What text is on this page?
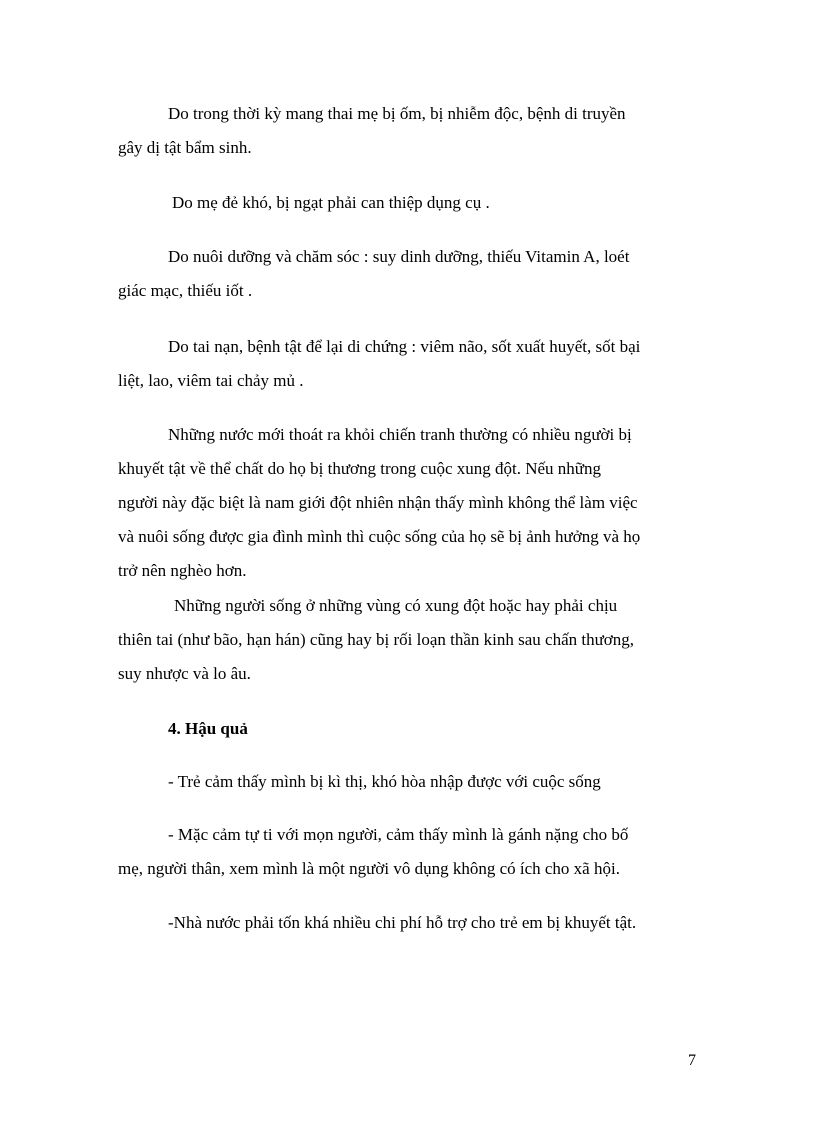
Do trong thời kỳ mang thai mẹ bị ốm, bị nhiễm độc, bệnh di truyền
gây dị tật bẩm sinh.

Do mẹ đẻ khó, bị ngạt phải can thiệp dụng cụ .

Do nuôi dưỡng và chăm sóc : suy dinh dưỡng, thiếu Vitamin A, loét
giác mạc, thiếu iốt .

Do tai nạn, bệnh tật để lại di chứng : viêm não, sốt xuất huyết, sốt bại
liệt, lao, viêm tai chảy mủ .

Những nước mới thoát ra khỏi chiến tranh thường có nhiều người bị
khuyết tật về thể chất do họ bị thương trong cuộc xung đột. Nếu những
người này đặc biệt là nam giới đột nhiên nhận thấy mình không thể làm việc
và nuôi sống được gia đình mình thì cuộc sống của họ sẽ bị ảnh hưởng và họ
trở nên nghèo hơn.

Những người sống ở những vùng có xung đột hoặc hay phải chịu
thiên tai (như bão, hạn hán) cũng hay bị rối loạn thần kinh sau chấn thương,
suy nhược và lo âu.

4. Hậu quả

- Trẻ cảm thấy mình bị kì thị, khó hòa nhập được với cuộc sống

- Mặc cảm tự ti với mọn người, cảm thấy mình là gánh nặng cho bố
mẹ, người thân, xem mình là một người vô dụng không có ích cho xã hội.

-Nhà nước phải tốn khá nhiều chi phí hỗ trợ cho trẻ em bị khuyết tật.

7
